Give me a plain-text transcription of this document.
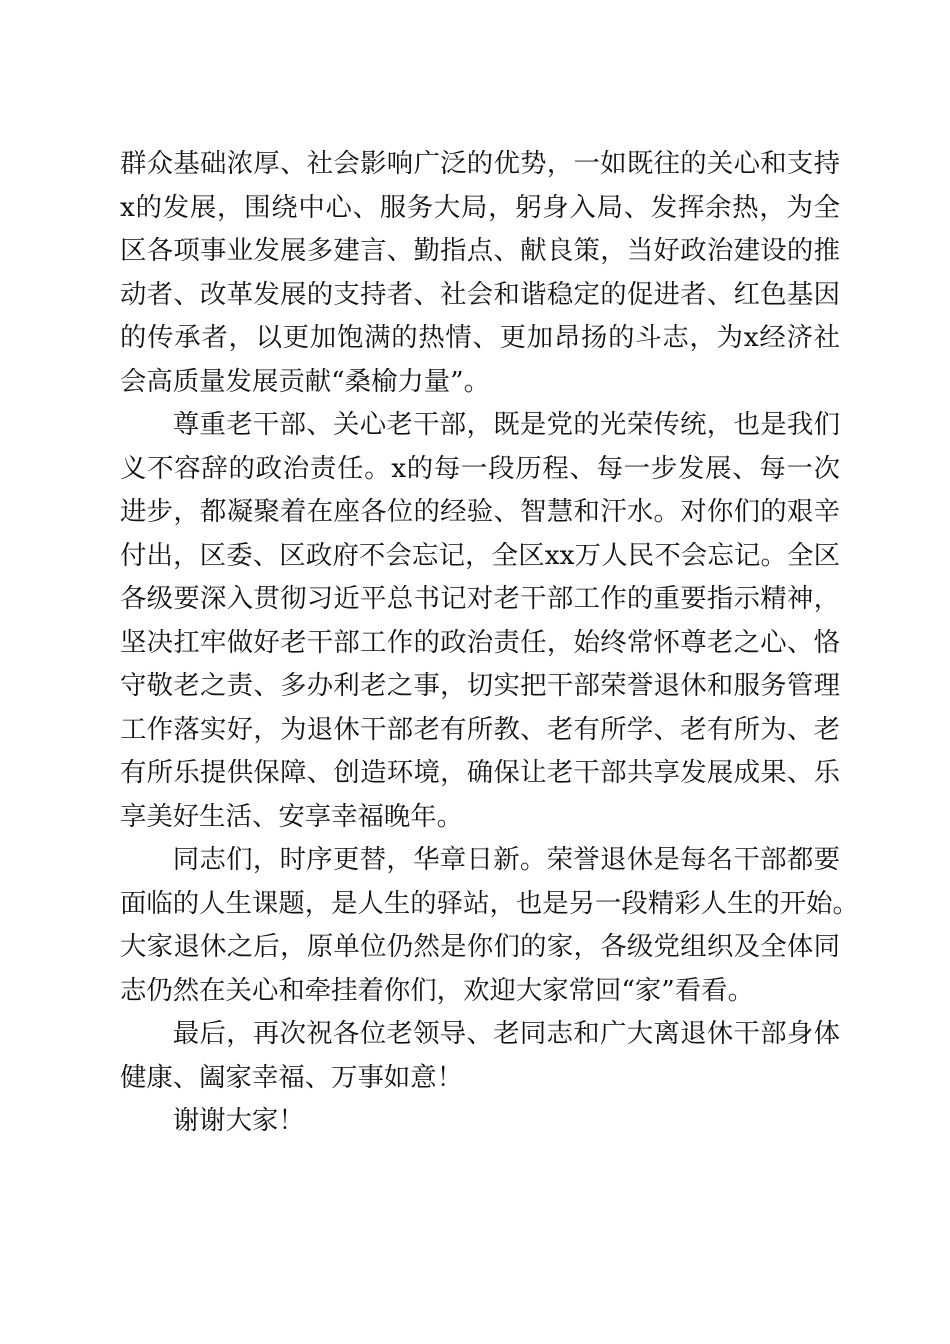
群众基础浓厚、社会影响广泛的优势，一如既往的关心和支持
x的发展，围绕中心、服务大局，躬身入局、发挥余热，为全
区各项事业发展多建言、勤指点、献良策，当好政治建设的推
动者、改革发展的支持者、社会和谐稳定的促进者、红色基因
的传承者，以更加饱满的热情、更加昂扬的斗志，为x经济社
会高质量发展贡献“桑榆力量”。

尊重老干部、关心老干部，既是党的光荣传统，也是我们
义不容辞的政治责任。x的每一段历程、每一步发展、每一次
进步，都凝聚着在座各位的经验、智慧和汗水。对你们的艰辛
付出，区委、区政府不会忘记，全区xx万人民不会忘记。全区
各级要深入贯彻习近平总书记对老干部工作的重要指示精神，
坚决扛牢做好老干部工作的政治责任，始终常怀尊老之心、恪
守敬老之责、多办利老之事，切实把干部荣誉退休和服务管理
工作落实好，为退休干部老有所教、老有所学、老有所为、老
有所乐提供保障、创造环境，确保让老干部共享发展成果、乐
享美好生活、安享幸福晚年。

同志们，时序更替，华章日新。荣誉退休是每名干部都要
面临的人生课题，是人生的驿站，也是另一段精彩人生的开始。
大家退休之后，原单位仍然是你们的家，各级党组织及全体同
志仍然在关心和牵挂着你们，欢迎大家常回“家”看看。

最后，再次祝各位老领导、老同志和广大离退休干部身体
健康、阖家幸福、万事如意！

谢谢大家！
